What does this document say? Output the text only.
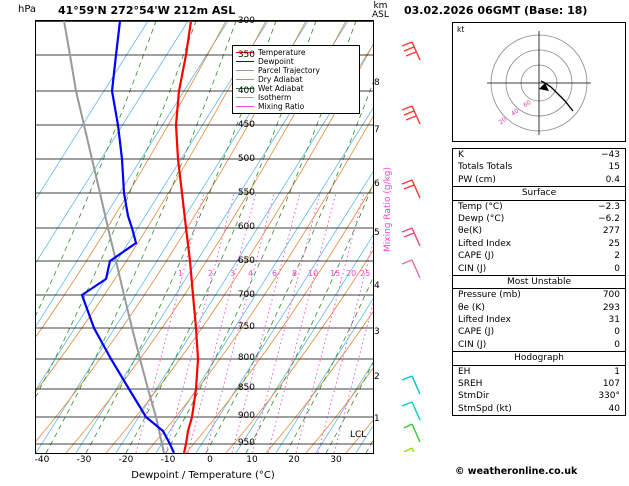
hPa 41°59'N 272°54'W 212m ASL	km
ASL 03.02.2026 06GMT (Base: 18)
Temperature
Dewpoint
Parcel Trajectory
Dry Adiabat
Wet Adiabat
Isotherm
Mixing Ratio
1	2 3 4 6 8 10 15 20 25
300
350
400
450
500
550
600
650
700
750
800
850
900
950
8
7
6
5
4
3
2
1
Mixing Ratio (g/kg)
LCL
-40	-30	-20	-10	0	10	20	30
Dewpoint / Temperature (°C)
kt
20
40
60
K	−43
Totals Totals	15
PW (cm)	0.4
Surface
Temp (°C)	−2.3
Dewp (°C)	−6.2
θe(K)	277
Lifted Index	25
CAPE (J)	2
CIN (J)	0
Most Unstable
Pressure (mb)	700
θe (K)	293
Lifted Index	31
CAPE (J)	0
CIN (J)	0
Hodograph
EH	1
SREH	107
StmDir	330°
StmSpd (kt)	40
© weatheronline.co.uk
